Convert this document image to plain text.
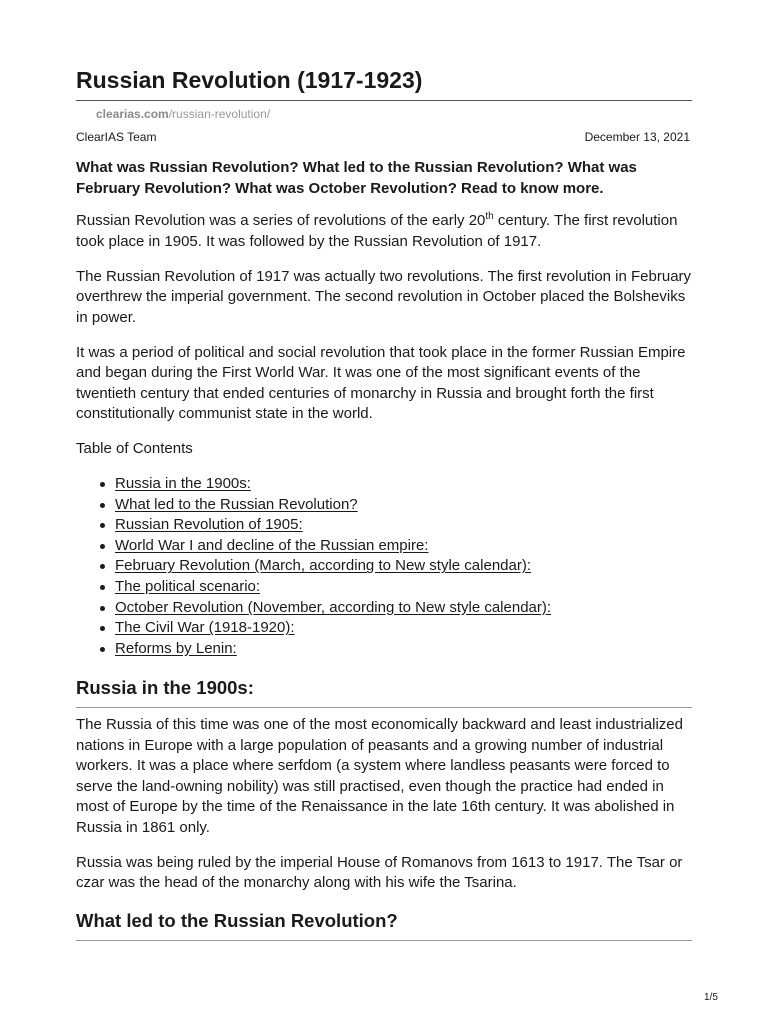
Russian Revolution (1917-1923)
clearias.com/russian-revolution/
ClearIAS Team	December 13, 2021

What was Russian Revolution? What led to the Russian Revolution? What was February Revolution? What was October Revolution? Read to know more.

Russian Revolution was a series of revolutions of the early 20th century. The first revolution took place in 1905. It was followed by the Russian Revolution of 1917.

The Russian Revolution of 1917 was actually two revolutions. The first revolution in February overthrew the imperial government. The second revolution in October placed the Bolsheviks in power.

It was a period of political and social revolution that took place in the former Russian Empire and began during the First World War. It was one of the most significant events of the twentieth century that ended centuries of monarchy in Russia and brought forth the first constitutionally communist state in the world.

Table of Contents

Russia in the 1900s:
What led to the Russian Revolution?
Russian Revolution of 1905:
World War I and decline of the Russian empire:
February Revolution (March, according to New style calendar):
The political scenario:
October Revolution (November, according to New style calendar):
The Civil War (1918-1920):
Reforms by Lenin:
Russia in the 1900s:

The Russia of this time was one of the most economically backward and least industrialized nations in Europe with a large population of peasants and a growing number of industrial workers. It was a place where serfdom (a system where landless peasants were forced to serve the land-owning nobility) was still practised, even though the practice had ended in most of Europe by the time of the Renaissance in the late 16th century. It was abolished in Russia in 1861 only.

Russia was being ruled by the imperial House of Romanovs from 1613 to 1917. The Tsar or czar was the head of the monarchy along with his wife the Tsarina.

What led to the Russian Revolution?
1/5
